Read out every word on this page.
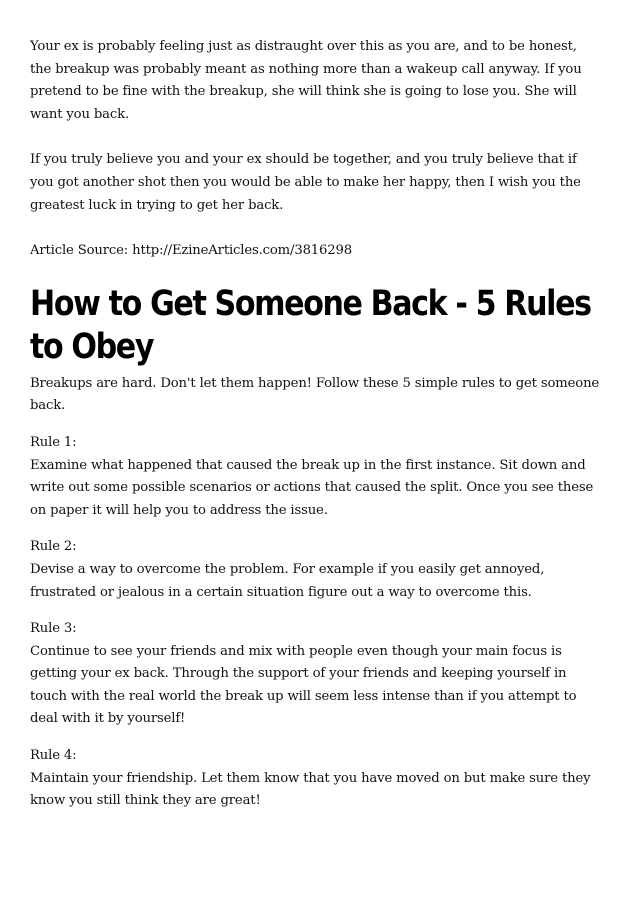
Your ex is probably feeling just as distraught over this as you are, and to be honest, the breakup was probably meant as nothing more than a wakeup call anyway. If you pretend to be fine with the breakup, she will think she is going to lose you. She will want you back.

If you truly believe you and your ex should be together, and you truly believe that if you got another shot then you would be able to make her happy, then I wish you the greatest luck in trying to get her back.

Article Source: http://EzineArticles.com/3816298

How to Get Someone Back - 5 Rules to Obey

Breakups are hard. Don't let them happen! Follow these 5 simple rules to get someone back.

Rule 1:

Examine what happened that caused the break up in the first instance. Sit down and write out some possible scenarios or actions that caused the split. Once you see these on paper it will help you to address the issue.

Rule 2:

Devise a way to overcome the problem. For example if you easily get annoyed, frustrated or jealous in a certain situation figure out a way to overcome this.

Rule 3:

Continue to see your friends and mix with people even though your main focus is getting your ex back. Through the support of your friends and keeping yourself in touch with the real world the break up will seem less intense than if you attempt to deal with it by yourself!

Rule 4:

Maintain your friendship. Let them know that you have moved on but make sure they know you still think they are great!
